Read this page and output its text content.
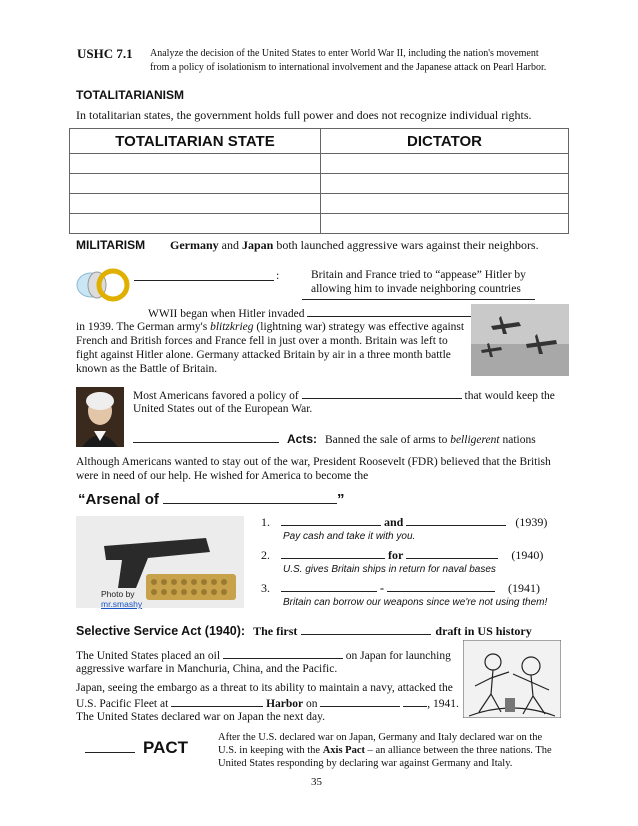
USHC 7.1 Analyze the decision of the United States to enter World War II, including the nation's movement
from a policy of isolationism to international involvement and the Japanese attack on Pearl Harbor.
TOTALITARIANISM
In totalitarian states, the government holds full power and does not recognize individual rights.
TOTALITARIAN STATE	DICTATOR

MILITARISM Germany and Japan both launched aggressive wars against their neighbors.
:	Britain and France tried to “appease” Hitler by
allowing him to invade neighboring countries
WWII began when Hitler invaded
in 1939. The German army's blitzkrieg (lightning war) strategy was effective against
French and British forces and France fell in just over a month. Britain was left to
fight against Hitler alone. Germany attacked Britain by air in a three month battle
known as the Battle of Britain.
Most Americans favored a policy of	that would keep the
United States out of the European War.
Acts: Banned the sale of arms to belligerent nations
Although Americans wanted to stay out of the war, President Roosevelt (FDR) believed that the British
were in need of our help. He wished for America to become the
“Arsenal of	”
Photo by
mr.smashy
1.	and	(1939)
Pay cash and take it with you.
2.	for	(1940)
U.S. gives Britain ships in return for naval bases
3.	-	(1941)
Britain can borrow our weapons since we're not using them!
Selective Service Act (1940): The first	draft in US history
The United States placed an oil	on Japan for launching
aggressive warfare in Manchuria, China, and the Pacific.
Japan, seeing the embargo as a threat to its ability to maintain a navy, attacked the
U.S. Pacific Fleet at	Harbor on	, 1941.
The United States declared war on Japan the next day.
PACT
After the U.S. declared war on Japan, Germany and Italy declared war on the
U.S. in keeping with the Axis Pact – an alliance between the three nations. The
United States responding by declaring war against Germany and Italy.
35
